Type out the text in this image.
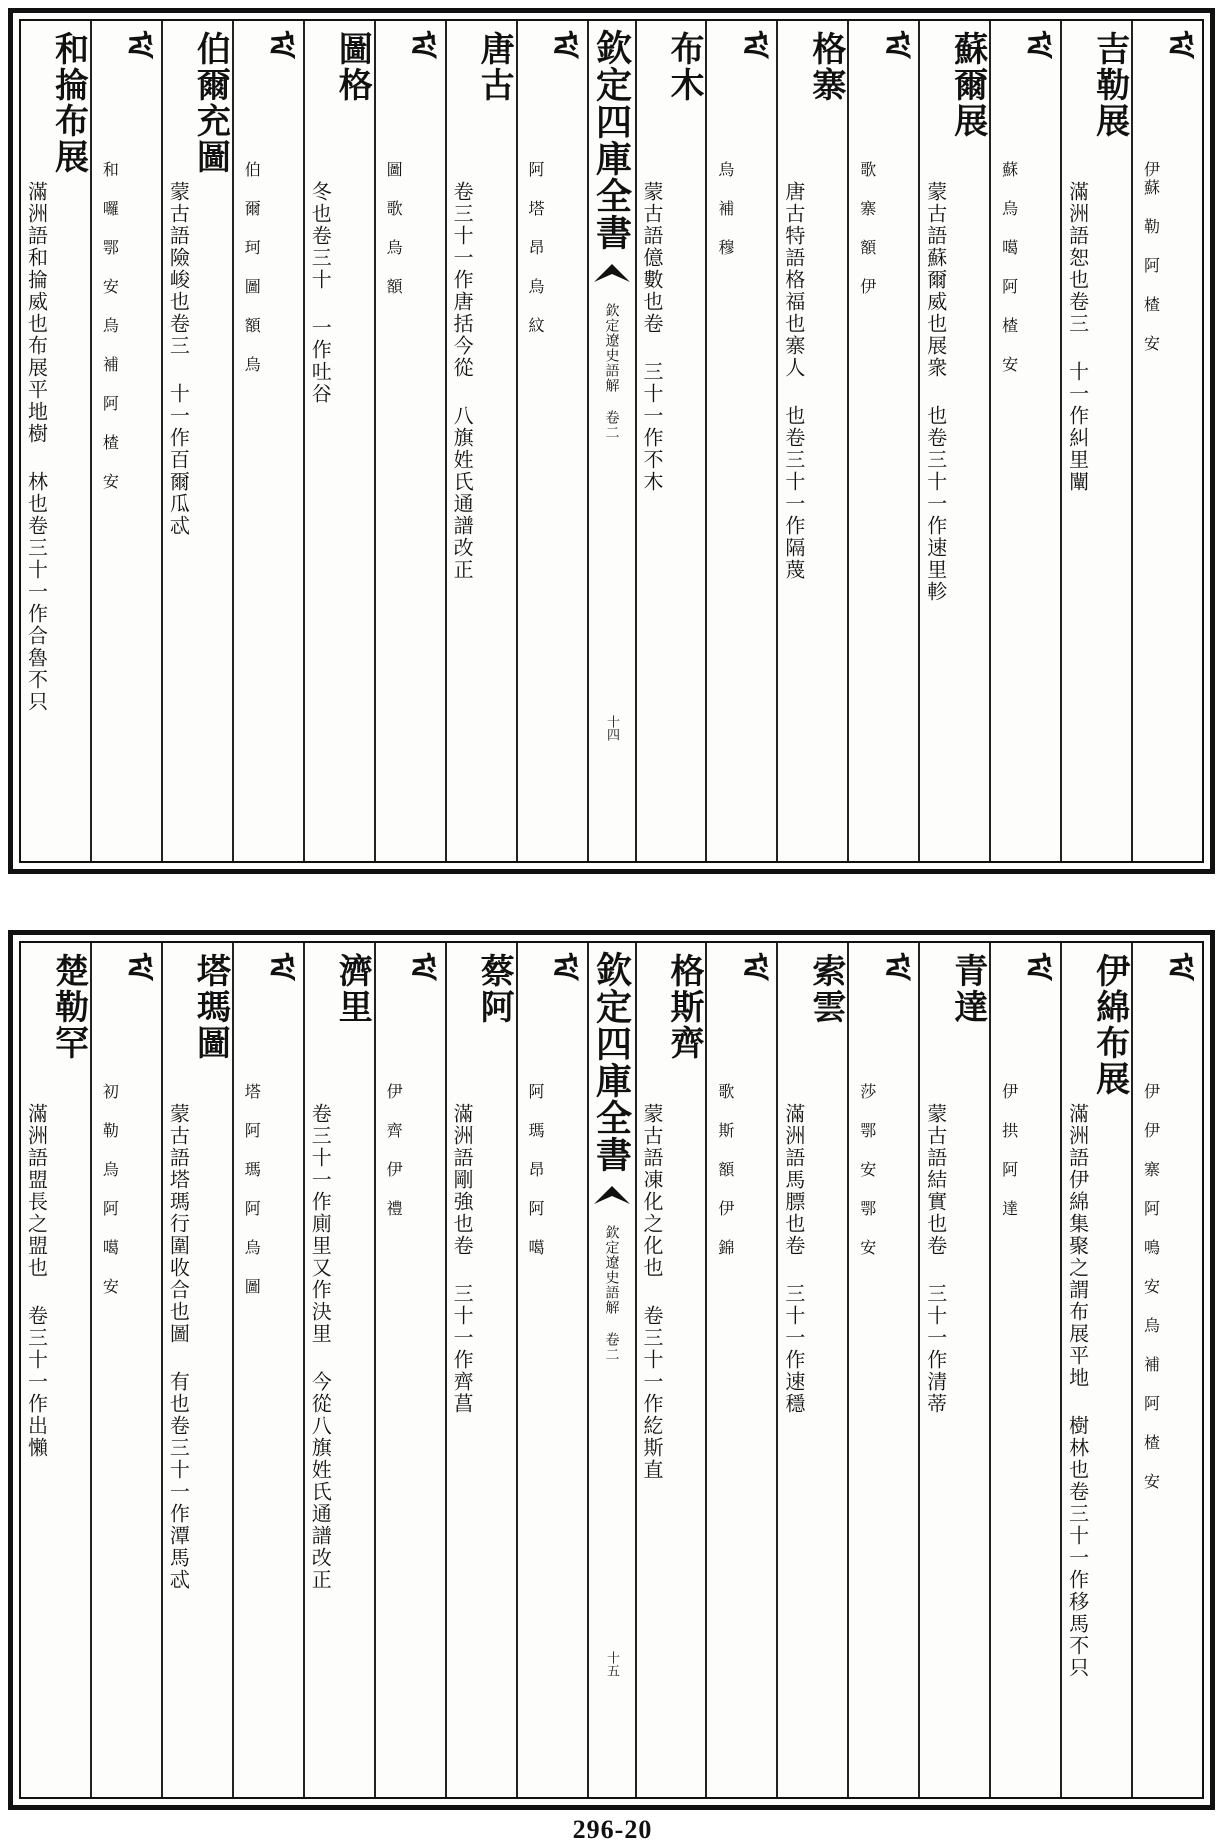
ᠮᡝ
伊蘇 勒 阿 楂 安
吉勒展
滿洲語恕也卷三 十一作糾里闡
ᠮᡝ
蘇 烏 噶 阿 楂 安
蘇爾展
蒙古語蘇爾威也展衆 也卷三十一作速里軫
ᠮᡝ
歌 寨 額 伊
格寨
唐古特語格福也寨人 也卷三十一作隔蔑
ᠮᡝ
烏 補 穆
布木
蒙古語億數也卷 三十一作不木
欽定四庫全書
欽定遼史語解 卷二
十四
ᠮᡝ
阿 塔 昂 烏 紋
唐古
卷三十一作唐括今從 八旗姓氏通譜改正
ᠮᡝ
圖 歌 烏 額
圖格
冬也卷三十 一作吐谷
ᠮᡝ
伯 爾 珂 圖 額 烏
伯爾充圖
蒙古語險峻也卷三 十一作百爾瓜忒
ᠮᡝ
和 囉 鄂 安 烏 補 阿 楂 安
和掄布展
滿洲語和掄威也布展平地樹 林也卷三十一作合魯不只
ᠮᡝ
伊 伊 寨 阿 鳴 安 烏 補 阿 楂 安
伊綿布展
滿洲語伊綿集聚之謂布展平地 樹林也卷三十一作移馬不只
ᠮᡝ
伊 拱 阿 達
青達
蒙古語結實也卷 三十一作清蒂
ᠮᡝ
莎 鄂 安 鄂 安
索雲
滿洲語馬膘也卷 三十一作速穩
ᠮᡝ
歌 斯 額 伊 錦
格斯齊
蒙古語凍化之化也 卷三十一作紇斯直
欽定四庫全書
欽定遼史語解 卷二
十五
ᠮᡝ
阿 瑪 昂 阿 噶
蔡阿
滿洲語剛強也卷 三十一作齊菖
ᠮᡝ
伊 齊 伊 禮
濟里
卷三十一作廁里又作決里 今從八旗姓氏通譜改正
ᠮᡝ
塔 阿 瑪 阿 烏 圖
塔瑪圖
蒙古語塔瑪行圍收合也圖 有也卷三十一作潭馬忒
ᠮᡝ
初 勒 烏 阿 噶 安
楚勒罕
滿洲語盟長之盟也 卷三十一作出懶
296-20
